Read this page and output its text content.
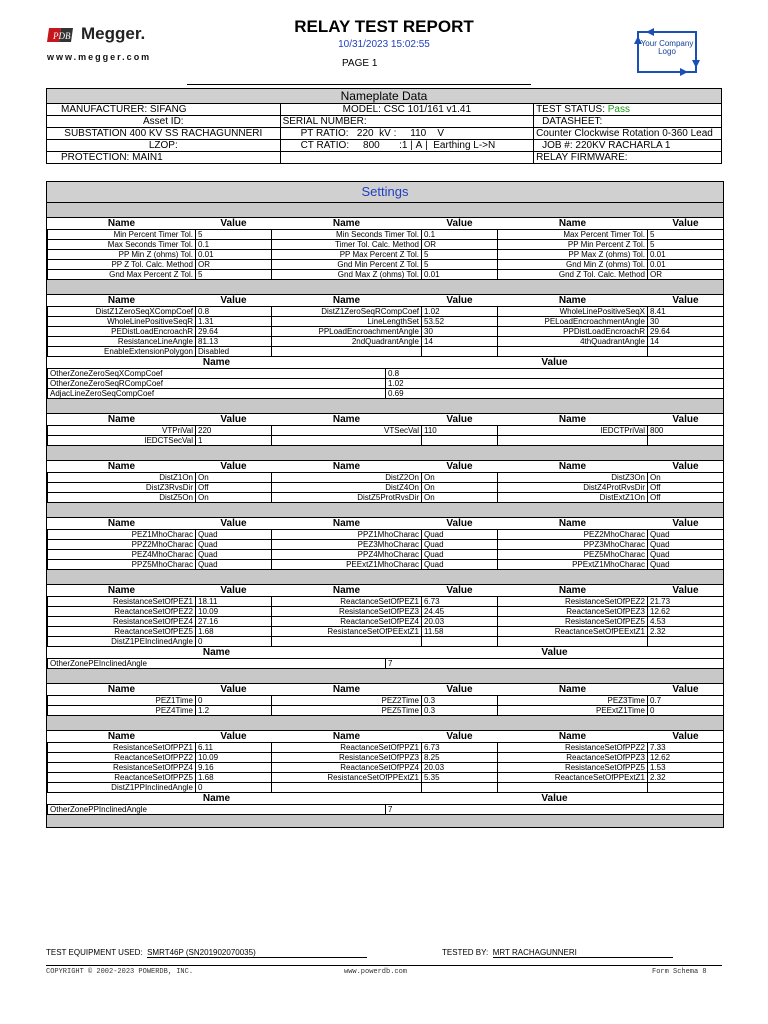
PDB Megger.
www.megger.com
RELAY TEST REPORT
10/31/2023 15:02:55
PAGE 1
Your Company Logo
Nameplate Data		
MANUFACTURER: SIFANG	MODEL: CSC 101/161 v1.41	TEST STATUS: Pass
Asset ID:	SERIAL NUMBER:	DATASHEET:
SUBSTATION 400 KV SS RACHAGUNNERI	PT RATIO: 220 kV : 110 V	Counter Clockwise Rotation 0-360 Lead
LZOP:	CT RATIO: 800 :1 | A |  Earthing L->N	JOB #: 220KV RACHARLA 1
PROTECTION: MAIN1		RELAY FIRMWARE:
Settings
Name	Value	Name	Value	Name	Value
Min Percent Timer Tol.	5	Min Seconds Timer Tol.	0.1	Max Percent Timer Tol.	5
Max Seconds Timer Tol.	0.1	Timer Tol. Calc. Method	OR	PP Min Percent Z Tol.	5
PP Min Z (ohms) Tol.	0.01	PP Max Percent Z Tol.	5	PP Max Z (ohms) Tol.	0.01
PP Z Tol. Calc. Method	OR	Gnd Min Percent Z Tol.	5	Gnd Min Z (ohms) Tol.	0.01
Gnd Max Percent Z Tol.	5	Gnd Max Z (ohms) Tol.	0.01	Gnd Z Tol. Calc. Method	OR
Name	Value	Name	Value	Name	Value
DistZ1ZeroSeqXCompCoef	0.8	DistZ1ZeroSeqRCompCoef	1.02	WholeLinePositiveSeqX	8.41
WholeLinePositiveSeqR	1.31	LineLengthSet	53.52	PELoadEncroachmentAngle	30
PEDistLoadEncroachR	29.64	PPLoadEncroachmentAngle	30	PPDistLoadEncroachR	29.64
ResistanceLineAngle	81.13	2ndQuadrantAngle	14	4thQuadrantAngle	14
EnableExtensionPolygon	Disabled				
Name	Value
OtherZoneZeroSeqXCompCoef	0.8
OtherZoneZeroSeqRCompCoef	1.02
AdjacLineZeroSeqCompCoef	0.69
Name	Value	Name	Value	Name	Value
VTPriVal	220	VTSecVal	110	IEDCTPriVal	800
IEDCTSecVal	1				
Name	Value	Name	Value	Name	Value
DistZ1On	On	DistZ2On	On	DistZ3On	On
DistZ3RvsDir	Off	DistZ4On	On	DistZ4ProtRvsDir	Off
DistZ5On	On	DistZ5ProtRvsDir	On	DistExtZ1On	Off
Name	Value	Name	Value	Name	Value
PEZ1MhoCharac	Quad	PPZ1MhoCharac	Quad	PEZ2MhoCharac	Quad
PPZ2MhoCharac	Quad	PEZ3MhoCharac	Quad	PPZ3MhoCharac	Quad
PEZ4MhoCharac	Quad	PPZ4MhoCharac	Quad	PEZ5MhoCharac	Quad
PPZ5MhoCharac	Quad	PEExtZ1MhoCharac	Quad	PPExtZ1MhoCharac	Quad
Name	Value	Name	Value	Name	Value
ResistanceSetOfPEZ1	18.11	ReactanceSetOfPEZ1	6.73	ResistanceSetOfPEZ2	21.73
ReactanceSetOfPEZ2	10.09	ResistanceSetOfPEZ3	24.45	ReactanceSetOfPEZ3	12.62
ResistanceSetOfPEZ4	27.16	ReactanceSetOfPEZ4	20.03	ResistanceSetOfPEZ5	4.53
ReactanceSetOfPEZ5	1.68	ResistanceSetOfPEExtZ1	11.58	ReactanceSetOfPEExtZ1	2.32
DistZ1PEInclinedAngle	0				
Name	Value
OtherZonePEInclinedAngle	7
Name	Value	Name	Value	Name	Value
PEZ1Time	0	PEZ2Time	0.3	PEZ3Time	0.7
PEZ4Time	1.2	PEZ5Time	0.3	PEExtZ1Time	0
Name	Value	Name	Value	Name	Value
ResistanceSetOfPPZ1	6.11	ReactanceSetOfPPZ1	6.73	ResistanceSetOfPPZ2	7.33
ReactanceSetOfPPZ2	10.09	ResistanceSetOfPPZ3	8.25	ReactanceSetOfPPZ3	12.62
ResistanceSetOfPPZ4	9.16	ReactanceSetOfPPZ4	20.03	ResistanceSetOfPPZ5	1.53
ReactanceSetOfPPZ5	1.68	ResistanceSetOfPPExtZ1	5.35	ReactanceSetOfPPExtZ1	2.32
DistZ1PPInclinedAngle	0				
Name	Value
OtherZonePPInclinedAngle	7
TEST EQUIPMENT USED: SMRT46P (SN201902070035)	TESTED BY: MRT RACHAGUNNERI
COPYRIGHT © 2002-2023 POWERDB, INC.	www.powerdb.com	Form Schema 8
